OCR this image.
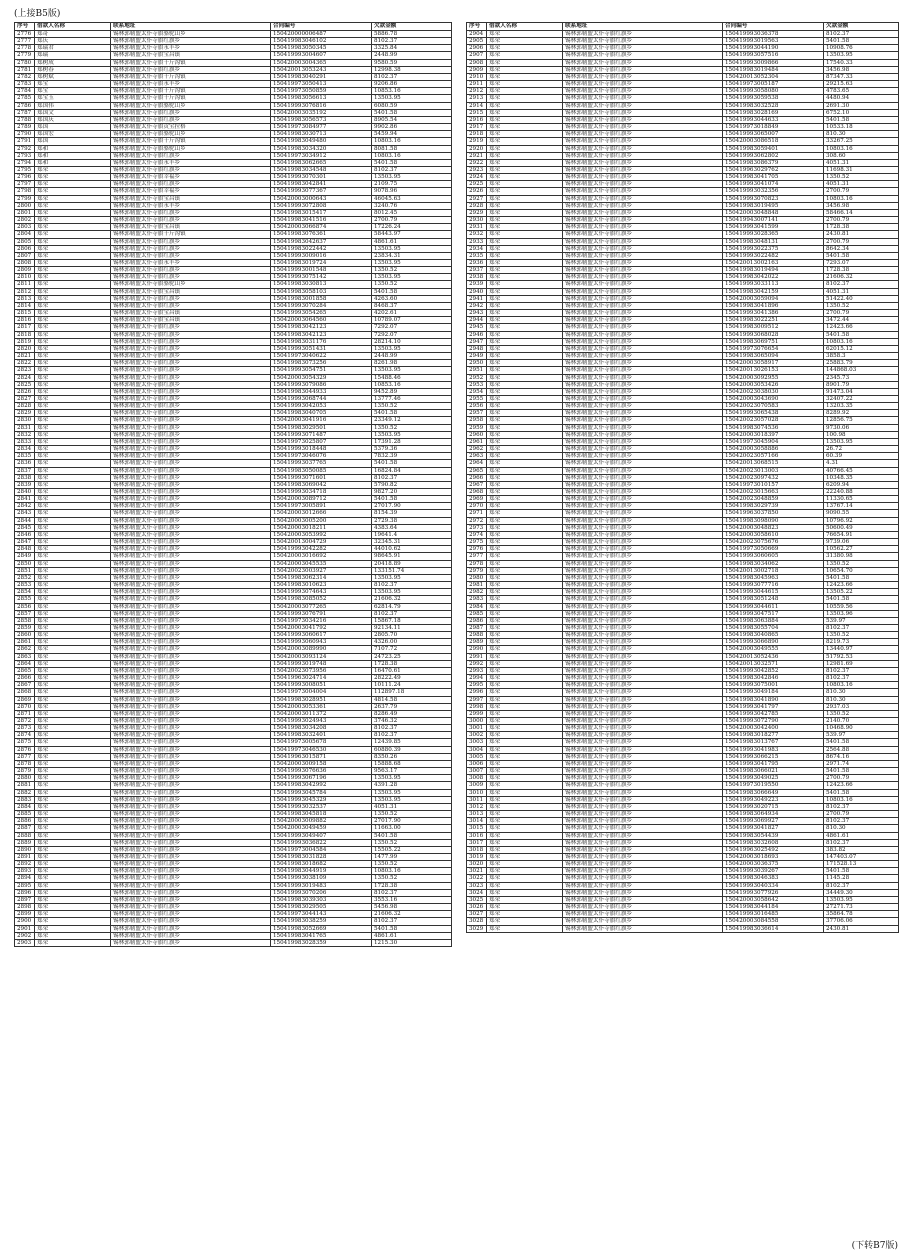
(上接B5版)
序号	借款人名称	联系地址	合同编号	欠款金额
2776	郑奇	锡林郭勒盟太仆寺旗骆驼山乡	150420000006487	5886.78
2777	郑庆	锡林郭勒盟太仆寺旗红旗乡	150419983046102	8102.37
2778	郑瑞君	锡林郭勒盟太仆寺旗永丰乡	150419983050345	3325.84
2779	郑瑞	锡林郭勒盟太仆寺旗宝昌镇	150419993004607	2448.99
2780	郑树成	锡林郭勒盟太仆寺旗千斤沟镇	150420003004365	9580.59
2781	郑树春	锡林郭勒盟太仆寺旗红旗乡	150420013053243	12998.38
2782	郑树斌	锡林郭勒盟太仆寺旗千斤沟镇	150419983040291	8102.37
2783	郑宝	锡林郭勒盟太仆寺旗永丰乡	150419973050413	9206.86
2784	郑宝	锡林郭勒盟太仆寺旗千斤沟镇	150419973050859	10853.16
2785	郑宝玉	锡林郭勒盟太仆寺旗千斤沟镇	150419983056613	13503.95
2786	郑国伟	锡林郭勒盟太仆寺旗骆驼山乡	150419993076816	6080.59
2787	郑国文	锡林郭勒盟太仆寺旗红旗乡	150420003035192	5401.58
2788	郑国庆	锡林郭勒盟太仆寺旗红旗乡	150419983056573	8905.54
2789	郑国	锡林郭勒盟太仆寺旗贡宝拉格	150419973084977	9902.86
2790	郑国宏	锡林郭勒盟太仆寺旗骆驼山乡	150419983030713	5459.94
2791	郑国	锡林郭勒盟太仆寺旗千斤沟镇	150419983049480	10803.16
2792	郑和	锡林郭勒盟太仆寺旗骆驼山乡	150419983034320	8081.58
2793	郑和	锡林郭勒盟太仆寺旗红旗乡	150419973034912	10803.16
2794	郑和	锡林郭勒盟太仆寺旗永丰乡	150419983062665	5401.58
2795	郑荣	锡林郭勒盟太仆寺旗红旗乡	150419983034548	8102.37
2796	郑荣	锡林郭勒盟太仆寺旗幸福乡	150419993070301	13503.95
2797	郑荣	锡林郭勒盟太仆寺旗红旗乡	150419983042841	2109.75
2798	郑荣	锡林郭勒盟太仆寺旗幸福乡	150419993077367	9078.96
2799	郑荣	锡林郭勒盟太仆寺旗宝昌镇	150420003000643	46045.63
2800	郑荣	锡林郭勒盟太仆寺旗永丰乡	150419993072808	3240.76
2801	郑荣	锡林郭勒盟太仆寺旗红旗乡	150419983015417	8012.45
2802	郑荣	锡林郭勒盟太仆寺旗红旗乡	150419983041516	2700.79
2803	郑荣	锡林郭勒盟太仆寺旗宝昌镇	150420003066874	17226.24
2804	郑荣	锡林郭勒盟太仆寺旗千斤沟镇	150419983076361	58443.97
2805	郑荣	锡林郭勒盟太仆寺旗红旗乡	150419983042637	4861.61
2806	郑荣	锡林郭勒盟太仆寺旗红旗乡	150419983022442	13503.95
2807	郑荣	锡林郭勒盟太仆寺旗红旗乡	150419993009016	23834.31
2808	郑荣	锡林郭勒盟太仆寺旗永丰乡	150419983019724	13503.95
2809	郑荣	锡林郭勒盟太仆寺旗红旗乡	150419993001548	1350.52
2810	郑荣	锡林郭勒盟太仆寺旗红旗乡	150419993075142	13503.95
2811	郑荣	锡林郭勒盟太仆寺旗骆驼山乡	150419983030813	1350.52
2812	郑荣	锡林郭勒盟太仆寺旗宝昌镇	150419983058103	5401.58
2813	郑荣	锡林郭勒盟太仆寺旗红旗乡	150419983001858	4263.60
2814	郑荣	锡林郭勒盟太仆寺旗红旗乡	150419993070284	8468.37
2815	郑荣	锡林郭勒盟太仆寺旗宝昌镇	150419993054265	4202.61
2816	郑荣	锡林郭勒盟太仆寺旗宝昌镇	150420003064560	10789.07
2817	郑荣	锡林郭勒盟太仆寺旗红旗乡	150419983042123	7292.07
2818	郑荣	锡林郭勒盟太仆寺旗红旗乡	150419983042123	7292.07
2819	郑荣	锡林郭勒盟太仆寺旗红旗乡	150419983031176	28214.10
2820	郑荣	锡林郭勒盟太仆寺旗红旗乡	150419993051431	13503.95
2821	郑荣	锡林郭勒盟太仆寺旗红旗乡	150419973040622	2448.99
2822	郑荣	锡林郭勒盟太仆寺旗红旗乡	150419983073256	8261.98
2823	郑荣	锡林郭勒盟太仆寺旗红旗乡	150419993054751	13503.95
2824	郑荣	锡林郭勒盟太仆寺旗红旗乡	150420003054329	15488.46
2825	郑荣	锡林郭勒盟太仆寺旗红旗乡	150419993079086	10853.16
2826	郑荣	锡林郭勒盟太仆寺旗红旗乡	150419983044933	9452.89
2827	郑荣	锡林郭勒盟太仆寺旗红旗乡	150419993068744	13777.46
2828	郑荣	锡林郭勒盟太仆寺旗红旗乡	150419993042053	1350.52
2829	郑荣	锡林郭勒盟太仆寺旗红旗乡	150419983040705	5401.58
2830	郑荣	锡林郭勒盟太仆寺旗红旗乡	150420003041916	23349.12
2831	郑荣	锡林郭勒盟太仆寺旗红旗乡	150419983029501	1350.52
2832	郑荣	锡林郭勒盟太仆寺旗红旗乡	150419993071487	13503.95
2833	郑荣	锡林郭勒盟太仆寺旗红旗乡	150419973025807	17391.28
2834	郑荣	锡林郭勒盟太仆寺旗红旗乡	150419993018448	5379.36
2835	郑荣	锡林郭勒盟太仆寺旗红旗乡	150419973046076	7832.39
2836	郑荣	锡林郭勒盟太仆寺旗红旗乡	150419993037765	5401.58
2837	郑荣	锡林郭勒盟太仆寺旗红旗乡	150419983050085	16824.84
2838	郑荣	锡林郭勒盟太仆寺旗红旗乡	150419993071601	8102.37
2839	郑荣	锡林郭勒盟太仆寺旗红旗乡	150419983069042	5790.82
2840	郑荣	锡林郭勒盟太仆寺旗红旗乡	150419993034718	9827.20
2841	郑荣	锡林郭勒盟太仆寺旗红旗乡	150420003089712	5401.58
2842	郑荣	锡林郭勒盟太仆寺旗红旗乡	150419973005891	27017.90
2843	郑荣	锡林郭勒盟太仆寺旗红旗乡	150420003012666	8154.39
2844	郑荣	锡林郭勒盟太仆寺旗红旗乡	150420003005200	2729.38
2845	郑荣	锡林郭勒盟太仆寺旗红旗乡	150420003018211	4383.64
2846	郑荣	锡林郭勒盟太仆寺旗红旗乡	150420003053992	19641.4
2847	郑荣	锡林郭勒盟太仆寺旗红旗乡	150420013004729	32345.31
2848	郑荣	锡林郭勒盟太仆寺旗红旗乡	150419993042282	44010.62
2849	郑荣	锡林郭勒盟太仆寺旗红旗乡	150420003016692	98645.91
2850	郑荣	锡林郭勒盟太仆寺旗红旗乡	150420003045535	20418.89
2851	郑荣	锡林郭勒盟太仆寺旗红旗乡	150420023003927	133151.74
2852	郑荣	锡林郭勒盟太仆寺旗红旗乡	150419983062314	13503.95
2853	郑荣	锡林郭勒盟太仆寺旗红旗乡	150419983010623	8102.37
2854	郑荣	锡林郭勒盟太仆寺旗红旗乡	150419993074643	13503.95
2855	郑荣	锡林郭勒盟太仆寺旗红旗乡	150419983085052	21606.32
2856	郑荣	锡林郭勒盟太仆寺旗红旗乡	150420003077265	62814.79
2857	郑荣	锡林郭勒盟太仆寺旗红旗乡	150419993076791	8102.37
2858	郑荣	锡林郭勒盟太仆寺旗红旗乡	150419973034216	15867.18
2859	郑荣	锡林郭勒盟太仆寺旗红旗乡	150420003041792	92134.11
2860	郑荣	锡林郭勒盟太仆寺旗红旗乡	150419993060617	2805.70
2861	郑荣	锡林郭勒盟太仆寺旗红旗乡	150419993060943	4326.00
2862	郑荣	锡林郭勒盟太仆寺旗红旗乡	150420003089990	7107.72
2863	郑荣	锡林郭勒盟太仆寺旗红旗乡	150420003093124	24723.25
2864	郑荣	锡林郭勒盟太仆寺旗红旗乡	150419993019748	1728.38
2865	郑荣	锡林郭勒盟太仆寺旗红旗乡	150420023073956	16470.61
2866	郑荣	锡林郭勒盟太仆寺旗红旗乡	150419963024714	28222.49
2867	郑荣	锡林郭勒盟太仆寺旗红旗乡	150419993008051	10111.24
2868	郑荣	锡林郭勒盟太仆寺旗红旗乡	150419973004004	112897.18
2869	郑荣	锡林郭勒盟太仆寺旗红旗乡	150419983028951	4814.58
2870	郑荣	锡林郭勒盟太仆寺旗红旗乡	150420003053361	2637.79
2871	郑荣	锡林郭勒盟太仆寺旗红旗乡	150420003011372	8286.49
2872	郑荣	锡林郭勒盟太仆寺旗红旗乡	150419993024943	3746.32
2873	郑荣	锡林郭勒盟太仆寺旗红旗乡	150419983034208	8102.37
2874	郑荣	锡林郭勒盟太仆寺旗红旗乡	150419983032401	8102.37
2875	郑荣	锡林郭勒盟太仆寺旗红旗乡	150419973005678	12439.85
2876	郑荣	锡林郭勒盟太仆寺旗红旗乡	150419973046530	60880.39
2877	郑荣	锡林郭勒盟太仆寺旗红旗乡	150419963015871	8350.26
2878	郑荣	锡林郭勒盟太仆寺旗红旗乡	150420003009158	15888.68
2879	郑荣	锡林郭勒盟太仆寺旗红旗乡	150419993076636	9563.17
2880	郑荣	锡林郭勒盟太仆寺旗红旗乡	150419993067196	13503.95
2881	郑荣	锡林郭勒盟太仆寺旗红旗乡	150419983042992	4391.28
2882	郑荣	锡林郭勒盟太仆寺旗红旗乡	150419993045784	13503.95
2883	郑荣	锡林郭勒盟太仆寺旗红旗乡	150419993045329	13503.95
2884	郑荣	锡林郭勒盟太仆寺旗红旗乡	150419993032537	4051.31
2885	郑荣	锡林郭勒盟太仆寺旗红旗乡	150419983045818	1350.52
2886	郑荣	锡林郭勒盟太仆寺旗红旗乡	150420003009882	27017.90
2887	郑荣	锡林郭勒盟太仆寺旗红旗乡	150420003049459	11663.00
2888	郑荣	锡林郭勒盟太仆寺旗红旗乡	150419993049407	5401.58
2889	郑荣	锡林郭勒盟太仆寺旗红旗乡	150419993036822	1350.52
2890	郑荣	锡林郭勒盟太仆寺旗红旗乡	150419973004584	15505.22
2891	郑荣	锡林郭勒盟太仆寺旗红旗乡	150419983031828	1477.99
2892	郑荣	锡林郭勒盟太仆寺旗红旗乡	150419983018682	1350.52
2893	郑荣	锡林郭勒盟太仆寺旗红旗乡	150419983044919	10803.16
2894	郑荣	锡林郭勒盟太仆寺旗红旗乡	150419993038109	1350.52
2895	郑荣	锡林郭勒盟太仆寺旗红旗乡	150419993019483	1728.38
2896	郑荣	锡林郭勒盟太仆寺旗红旗乡	150419993070206	8102.37
2897	郑荣	锡林郭勒盟太仆寺旗红旗乡	150419983039303	3553.16
2898	郑荣	锡林郭勒盟太仆寺旗红旗乡	150419983029505	5456.98
2899	郑荣	锡林郭勒盟太仆寺旗红旗乡	150419973044143	21606.32
2900	郑荣	锡林郭勒盟太仆寺旗红旗乡	150419983038259	8102.37
2901	郑荣	锡林郭勒盟太仆寺旗红旗乡	150419983052669	5401.58
2902	郑荣	锡林郭勒盟太仆寺旗红旗乡	150419983041765	4861.61
2903	郑荣	锡林郭勒盟太仆寺旗红旗乡	150419983028359	1215.30
序号	借款人名称	联系地址	合同编号	欠款金额
2904	郑荣	锡林郭勒盟太仆寺旗红旗乡	150419993036378	8102.37
2905	郑荣	锡林郭勒盟太仆寺旗红旗乡	150419993019563	5401.58
2906	郑荣	锡林郭勒盟太仆寺旗红旗乡	150419993044190	10908.76
2907	郑荣	锡林郭勒盟太仆寺旗红旗乡	150419993057516	13503.95
2908	郑荣	锡林郭勒盟太仆寺旗红旗乡	150419993009866	17540.33
2909	郑荣	锡林郭勒盟太仆寺旗红旗乡	150419983019484	3456.98
2910	郑荣	锡林郭勒盟太仆寺旗红旗乡	150420013052304	87347.33
2911	郑荣	锡林郭勒盟太仆寺旗红旗乡	150419973005187	29215.63
2912	郑荣	锡林郭勒盟太仆寺旗红旗乡	150419993058080	4783.65
2913	郑荣	锡林郭勒盟太仆寺旗红旗乡	150419993059538	4480.94
2914	郑荣	锡林郭勒盟太仆寺旗红旗乡	150419983032528	2691.30
2915	郑荣	锡林郭勒盟太仆寺旗红旗乡	150419983028169	6752.10
2916	郑荣	锡林郭勒盟太仆寺旗红旗乡	150419993044633	5401.58
2917	郑荣	锡林郭勒盟太仆寺旗红旗乡	150419973018849	10533.18
2918	郑荣	锡林郭勒盟太仆寺旗红旗乡	150419993065007	810.30
2919	郑荣	锡林郭勒盟太仆寺旗红旗乡	150420003086518	33267.25
2920	郑荣	锡林郭勒盟太仆寺旗红旗乡	150419983059401	10803.16
2921	郑荣	锡林郭勒盟太仆寺旗红旗乡	150419993062802	308.60
2922	郑荣	锡林郭勒盟太仆寺旗红旗乡	150419983086379	4051.31
2923	郑荣	锡林郭勒盟太仆寺旗红旗乡	150419963029762	11698.31
2924	郑荣	锡林郭勒盟太仆寺旗红旗乡	150419983041705	1350.52
2925	郑荣	锡林郭勒盟太仆寺旗红旗乡	150419993041074	4051.31
2926	郑荣	锡林郭勒盟太仆寺旗红旗乡	150419993032356	2700.79
2927	郑荣	锡林郭勒盟太仆寺旗红旗乡	150419993070823	10803.16
2928	郑荣	锡林郭勒盟太仆寺旗红旗乡	150419983019495	3456.98
2929	郑荣	锡林郭勒盟太仆寺旗红旗乡	150420003048848	58466.14
2930	郑荣	锡林郭勒盟太仆寺旗红旗乡	150419943007141	2700.79
2931	郑荣	锡林郭勒盟太仆寺旗红旗乡	150419993041599	1728.38
2932	郑荣	锡林郭勒盟太仆寺旗红旗乡	150419993028365	2430.81
2933	郑荣	锡林郭勒盟太仆寺旗红旗乡	150419983048131	2700.79
2934	郑荣	锡林郭勒盟太仆寺旗红旗乡	150419993022375	8642.34
2935	郑荣	锡林郭勒盟太仆寺旗红旗乡	150419993022482	5401.58
2936	郑荣	锡林郭勒盟太仆寺旗红旗乡	150420013002163	7293.07
2937	郑荣	锡林郭勒盟太仆寺旗红旗乡	150419983019494	1728.38
2938	郑荣	锡林郭勒盟太仆寺旗红旗乡	150419983042022	21606.32
2939	郑荣	锡林郭勒盟太仆寺旗红旗乡	150419993033113	8102.37
2940	郑荣	锡林郭勒盟太仆寺旗红旗乡	150419983042159	4051.31
2941	郑荣	锡林郭勒盟太仆寺旗红旗乡	150420003059094	51422.40
2942	郑荣	锡林郭勒盟太仆寺旗红旗乡	150419983041896	1350.52
2943	郑荣	锡林郭勒盟太仆寺旗红旗乡	150419993041386	2700.79
2944	郑荣	锡林郭勒盟太仆寺旗红旗乡	150419983022251	3472.44
2945	郑荣	锡林郭勒盟太仆寺旗红旗乡	150419983009512	12423.66
2946	郑荣	锡林郭勒盟太仆寺旗红旗乡	150419993068028	5401.58
2947	郑荣	锡林郭勒盟太仆寺旗红旗乡	150419983069751	10803.16
2948	郑荣	锡林郭勒盟太仆寺旗红旗乡	150419973076654	62015.12
2949	郑荣	锡林郭勒盟太仆寺旗红旗乡	150419983065094	3858.3
2950	郑荣	锡林郭勒盟太仆寺旗红旗乡	150420003058917	25883.79
2951	郑荣	锡林郭勒盟太仆寺旗红旗乡	150420013026153	144868.03
2952	郑荣	锡林郭勒盟太仆寺旗红旗乡	150420003092955	2345.73
2953	郑荣	锡林郭勒盟太仆寺旗红旗乡	150420003053426	8901.79
2954	郑荣	锡林郭勒盟太仆寺旗红旗乡	150420023038030	91473.04
2955	郑荣	锡林郭勒盟太仆寺旗红旗乡	150420003043690	32407.22
2956	郑荣	锡林郭勒盟太仆寺旗红旗乡	150420023070583	13203.35
2957	郑荣	锡林郭勒盟太仆寺旗红旗乡	150419993065438	8289.92
2958	郑荣	锡林郭勒盟太仆寺旗红旗乡	150420023057028	12856.75
2959	郑荣	锡林郭勒盟太仆寺旗红旗乡	150419983074536	9730.06
2960	郑荣	锡林郭勒盟太仆寺旗红旗乡	150420003018397	100.98
2961	郑荣	锡林郭勒盟太仆寺旗红旗乡	150419973045904	13503.95
2962	郑荣	锡林郭勒盟太仆寺旗红旗乡	150420003058886	26.72
2963	郑荣	锡林郭勒盟太仆寺旗红旗乡	150420023057166	60.39
2964	郑荣	锡林郭勒盟太仆寺旗红旗乡	150420013068515	4.31
2965	郑荣	锡林郭勒盟太仆寺旗红旗乡	150420023013003	40766.45
2966	郑荣	锡林郭勒盟太仆寺旗红旗乡	150420023097432	10348.35
2967	郑荣	锡林郭勒盟太仆寺旗红旗乡	150419973010157	6209.94
2968	郑荣	锡林郭勒盟太仆寺旗红旗乡	150420023015663	22240.88
2969	郑荣	锡林郭勒盟太仆寺旗红旗乡	150420023048859	11330.65
2970	郑荣	锡林郭勒盟太仆寺旗红旗乡	150419983029739	13767.14
2971	郑荣	锡林郭勒盟太仆寺旗红旗乡	150419963037850	9090.55
2972	郑荣	锡林郭勒盟太仆寺旗红旗乡	150419983098090	10796.92
2973	郑荣	锡林郭勒盟太仆寺旗红旗乡	150420003048823	50600.49
2974	郑荣	锡林郭勒盟太仆寺旗红旗乡	150420003058610	76654.91
2975	郑荣	锡林郭勒盟太仆寺旗红旗乡	150420023075676	9739.06
2976	郑荣	锡林郭勒盟太仆寺旗红旗乡	150419973050669	10562.27
2977	郑荣	锡林郭勒盟太仆寺旗红旗乡	150419993060605	31380.98
2978	郑荣	锡林郭勒盟太仆寺旗红旗乡	150419983034062	1350.52
2979	郑荣	锡林郭勒盟太仆寺旗红旗乡	150420013002718	10654.70
2980	郑荣	锡林郭勒盟太仆寺旗红旗乡	150419983045963	5401.58
2981	郑荣	锡林郭勒盟太仆寺旗红旗乡	150419993077716	12423.66
2982	郑荣	锡林郭勒盟太仆寺旗红旗乡	150419993044615	13505.22
2983	郑荣	锡林郭勒盟太仆寺旗红旗乡	150419983051248	5401.58
2984	郑荣	锡林郭勒盟太仆寺旗红旗乡	150419993044611	10559.56
2985	郑荣	锡林郭勒盟太仆寺旗红旗乡	150419993047517	13503.96
2986	郑荣	锡林郭勒盟太仆寺旗红旗乡	150419983063884	539.97
2987	郑荣	锡林郭勒盟太仆寺旗红旗乡	150419983055704	8102.37
2988	郑荣	锡林郭勒盟太仆寺旗红旗乡	150419983040865	1350.52
2989	郑荣	锡林郭勒盟太仆寺旗红旗乡	150419993066890	8219.73
2990	郑荣	锡林郭勒盟太仆寺旗红旗乡	150420003049555	13440.97
2991	郑荣	锡林郭勒盟太仆寺旗红旗乡	150420013052436	51792.53
2992	郑荣	锡林郭勒盟太仆寺旗红旗乡	150420013032571	12981.69
2993	郑荣	锡林郭勒盟太仆寺旗红旗乡	150419993042852	8102.37
2994	郑荣	锡林郭勒盟太仆寺旗红旗乡	150419983042846	8102.37
2995	郑荣	锡林郭勒盟太仆寺旗红旗乡	150419993075001	10803.16
2996	郑荣	锡林郭勒盟太仆寺旗红旗乡	150419993049184	810.30
2997	郑荣	锡林郭勒盟太仆寺旗红旗乡	150419983041890	810.30
2998	郑荣	锡林郭勒盟太仆寺旗红旗乡	150419993041797	2937.03
2999	郑荣	锡林郭勒盟太仆寺旗红旗乡	150419993042785	1350.52
3000	郑荣	锡林郭勒盟太仆寺旗红旗乡	150419993072790	2140.70
3001	郑荣	锡林郭勒盟太仆寺旗红旗乡	150420003042400	10468.90
3002	郑荣	锡林郭勒盟太仆寺旗红旗乡	150419983018277	539.97
3003	郑荣	锡林郭勒盟太仆寺旗红旗乡	150419983013767	5401.58
3004	郑荣	锡林郭勒盟太仆寺旗红旗乡	150419993041983	2564.88
3005	郑荣	锡林郭勒盟太仆寺旗红旗乡	150419993066215	8674.16
3006	郑荣	锡林郭勒盟太仆寺旗红旗乡	150419993041795	2971.74
3007	郑荣	锡林郭勒盟太仆寺旗红旗乡	150419983066021	5401.58
3008	郑荣	锡林郭勒盟太仆寺旗红旗乡	150419993049025	2700.79
3009	郑荣	锡林郭勒盟太仆寺旗红旗乡	150419973019550	12423.66
3010	郑荣	锡林郭勒盟太仆寺旗红旗乡	150419983066649	5401.58
3011	郑荣	锡林郭勒盟太仆寺旗红旗乡	150419993049223	10803.16
3012	郑荣	锡林郭勒盟太仆寺旗红旗乡	150419993020715	8102.37
3013	郑荣	锡林郭勒盟太仆寺旗红旗乡	150419983064934	2700.79
3014	郑荣	锡林郭勒盟太仆寺旗红旗乡	150419993069927	8102.37
3015	郑荣	锡林郭勒盟太仆寺旗红旗乡	150419993041827	810.30
3016	郑荣	锡林郭勒盟太仆寺旗红旗乡	150419983054439	4861.61
3017	郑荣	锡林郭勒盟太仆寺旗红旗乡	150419983032608	8102.37
3018	郑荣	锡林郭勒盟太仆寺旗红旗乡	150419963025492	383.82
3019	郑荣	锡林郭勒盟太仆寺旗红旗乡	150420003018693	147403.07
3020	郑荣	锡林郭勒盟太仆寺旗红旗乡	150420003036375	171528.13
3021	郑荣	锡林郭勒盟太仆寺旗红旗乡	150419993039267	5401.58
3022	郑荣	锡林郭勒盟太仆寺旗红旗乡	150419983046383	1145.28
3023	郑荣	锡林郭勒盟太仆寺旗红旗乡	150419993040334	8102.37
3024	郑荣	锡林郭勒盟太仆寺旗红旗乡	150419993077926	34449.30
3025	郑荣	锡林郭勒盟太仆寺旗红旗乡	150420003058642	13503.95
3026	郑荣	锡林郭勒盟太仆寺旗红旗乡	150419983044184	27271.73
3027	郑荣	锡林郭勒盟太仆寺旗红旗乡	150419993016485	35864.78
3028	郑荣	锡林郭勒盟太仆寺旗红旗乡	150420003084558	37706.06
3029	郑荣	锡林郭勒盟太仆寺旗红旗乡	150419983036614	2430.81
(下转B7版)
